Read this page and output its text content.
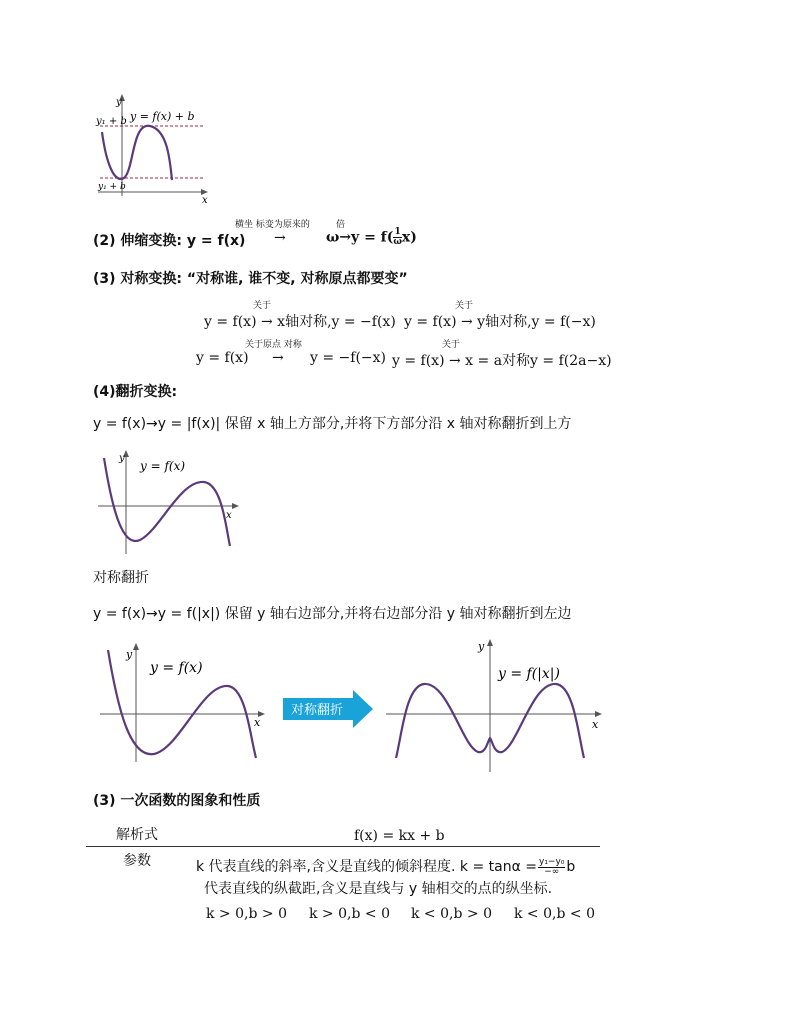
y
x
y = f(x) + b
y₁ + b
y₁ + b
(2) 伸缩变换: y = f(x)
横坐 标变为原来的	倍
→	$\omega\to y = f( \frac{1}{\omega} x)$
(3) 对称变换: “对称谁, 谁不变, 对称原点都要变”
关于
y = f(x) → x轴对称,y = −f(x)
关于
y = f(x) → y轴对称,y = f(−x)
关于原点 对称
y = f(x) → y = −f(−x)
关于
y = f(x) → x = a对称y = f(2a−x)
(4)翻折变换:
y = f(x)→y = |f(x)| 保留 x 轴上方部分,并将下方部分沿 x 轴对称翻折到上方
y
x
y = f(x)
对称翻折
y = f(x)→y = f(|x|) 保留 y 轴右边部分,并将右边部分沿 y 轴对称翻折到左边
y
x
y = f(x)
对称翻折
y
x
y = f(|x|)
(3) 一次函数的图象和性质
解析式	f(x) = kx + b
参数	k 代表直线的斜率,含义是直线的倾斜程度. $k = \tan\alpha = \frac{\text{y₁−y₀}}{-\infty}$ b
代表直线的纵截距,含义是直线与 y 轴相交的点的纵坐标.
k > 0,b > 0 k > 0,b < 0 k < 0,b > 0 k < 0,b < 0
